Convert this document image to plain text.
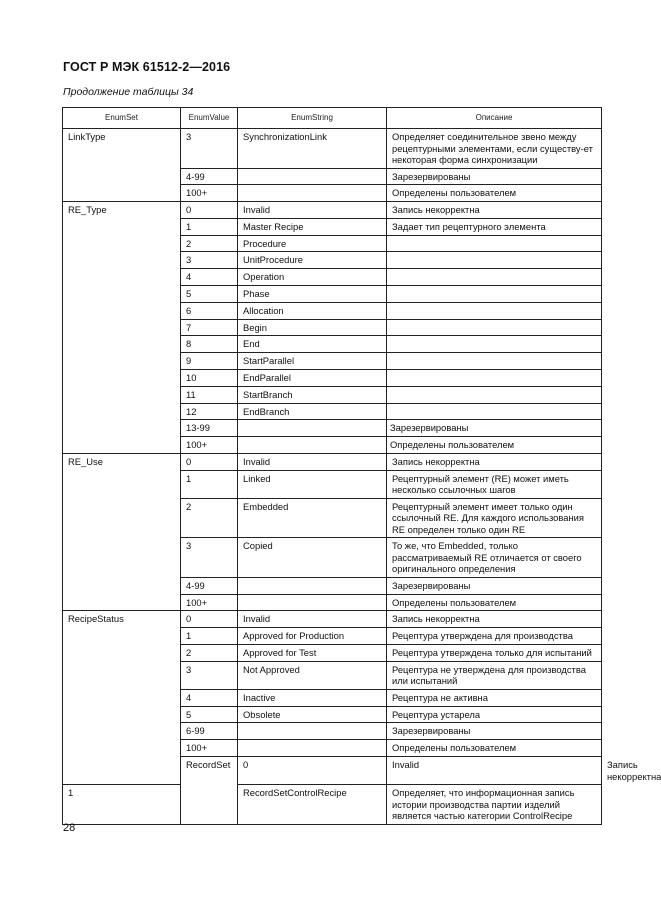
ГОСТ Р МЭК 61512-2—2016
Продолжение таблицы 34
EnumSet	EnumValue	EnumString	Описание	
LinkType	3	SynchronizationLink	Определяет соединительное звено между рецептурными элементами, если существу-ет некоторая форма синхронизации	
	4-99		Зарезервированы	
	100+		Определены пользователем	
RE_Type	0	Invalid	Запись некорректна	
	1	Master Recipe	Задает тип рецептурного элемента	
	2	Procedure		
	3	UnitProcedure		
	4	Operation		
	5	Phase		
	6	Allocation		
	7	Begin		
	8	End		
	9	StartParallel		
	10	EndParallel		
	11	StartBranch		
	12	EndBranch		
	13-99		Зарезервированы	
	100+		Определены пользователем	
RE_Use	0	Invalid	Запись некорректна	
	1	Linked	Рецептурный элемент (RE) может иметь несколько ссылочных шагов	
	2	Embedded	Рецептурный элемент имеет только один ссылочный RE. Для каждого использования RE определен только один RE	
	3	Copied	То же, что Embedded, только рассматриваемый RE отличается от своего оригинального определения	
	4-99		Зарезервированы	
	100+		Определены пользователем	
RecipeStatus	0	Invalid	Запись некорректна	
	1	Approved for Production	Рецептура утверждена для производства	
	2	Approved for Test	Рецептура утверждена только для испытаний	
	3	Not Approved	Рецептура не утверждена для производства или испытаний	
	4	Inactive	Рецептура не активна	
	5	Obsolete	Рецептура устарела	
	6-99		Зарезервированы	
	100+		Определены пользователем	
	RecordSet	0	Invalid	Запись некорректна
1		RecordSetControlRecipe	Определяет, что информационная запись истории производства партии изделий является частью категории ControlRecipe	
28
